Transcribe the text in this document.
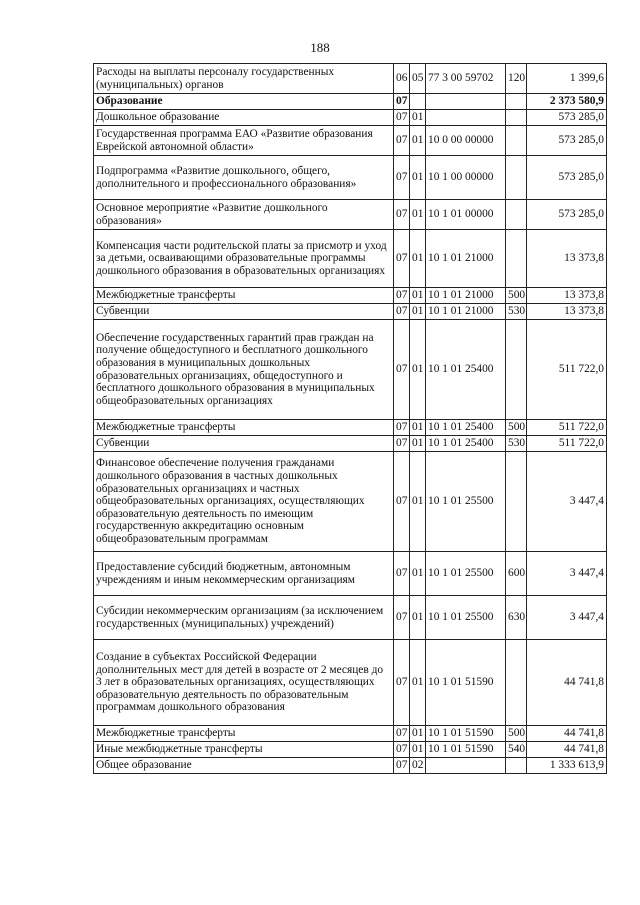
188
Расходы на выплаты персоналу государственных (муниципальных) органов	06	05	77 3 00 59702	120	1 399,6
Образование	07				2 373 580,9
Дошкольное образование	07	01			573 285,0
Государственная программа ЕАО «Развитие образования Еврейской автономной области»	07	01	10 0 00 00000		573 285,0
Подпрограмма «Развитие дошкольного, общего, дополнительного и профессионального образования»	07	01	10 1 00 00000		573 285,0
Основное мероприятие «Развитие дошкольного образования»	07	01	10 1 01 00000		573 285,0
Компенсация части родительской платы за присмотр и уход за детьми, осваивающими образовательные программы дошкольного образования в образовательных организациях	07	01	10 1 01 21000		13 373,8
Межбюджетные трансферты	07	01	10 1 01 21000	500	13 373,8
Субвенции	07	01	10 1 01 21000	530	13 373,8
Обеспечение государственных гарантий прав граждан на получение общедоступного и бесплатного дошкольного образования в муниципальных дошкольных образовательных организациях, общедоступного и бесплатного дошкольного образования в муниципальных общеобразовательных организациях	07	01	10 1 01 25400		511 722,0
Межбюджетные трансферты	07	01	10 1 01 25400	500	511 722,0
Субвенции	07	01	10 1 01 25400	530	511 722,0
Финансовое обеспечение получения гражданами дошкольного образования в частных дошкольных образовательных организациях и частных общеобразовательных организациях, осуществляющих образовательную деятельность по имеющим государственную аккредитацию основным общеобразовательным программам	07	01	10 1 01 25500		3 447,4
Предоставление субсидий бюджетным, автономным учреждениям и иным некоммерческим организациям	07	01	10 1 01 25500	600	3 447,4
Субсидии некоммерческим организациям (за исключением государственных (муниципальных) учреждений)	07	01	10 1 01 25500	630	3 447,4
Создание в субъектах Российской Федерации дополнительных мест для детей в возрасте от 2 месяцев до 3 лет в образовательных организациях, осуществляющих образовательную деятельность по образовательным программам дошкольного образования	07	01	10 1 01 51590		44 741,8
Межбюджетные трансферты	07	01	10 1 01 51590	500	44 741,8
Иные межбюджетные трансферты	07	01	10 1 01 51590	540	44 741,8
Общее образование	07	02			1 333 613,9
